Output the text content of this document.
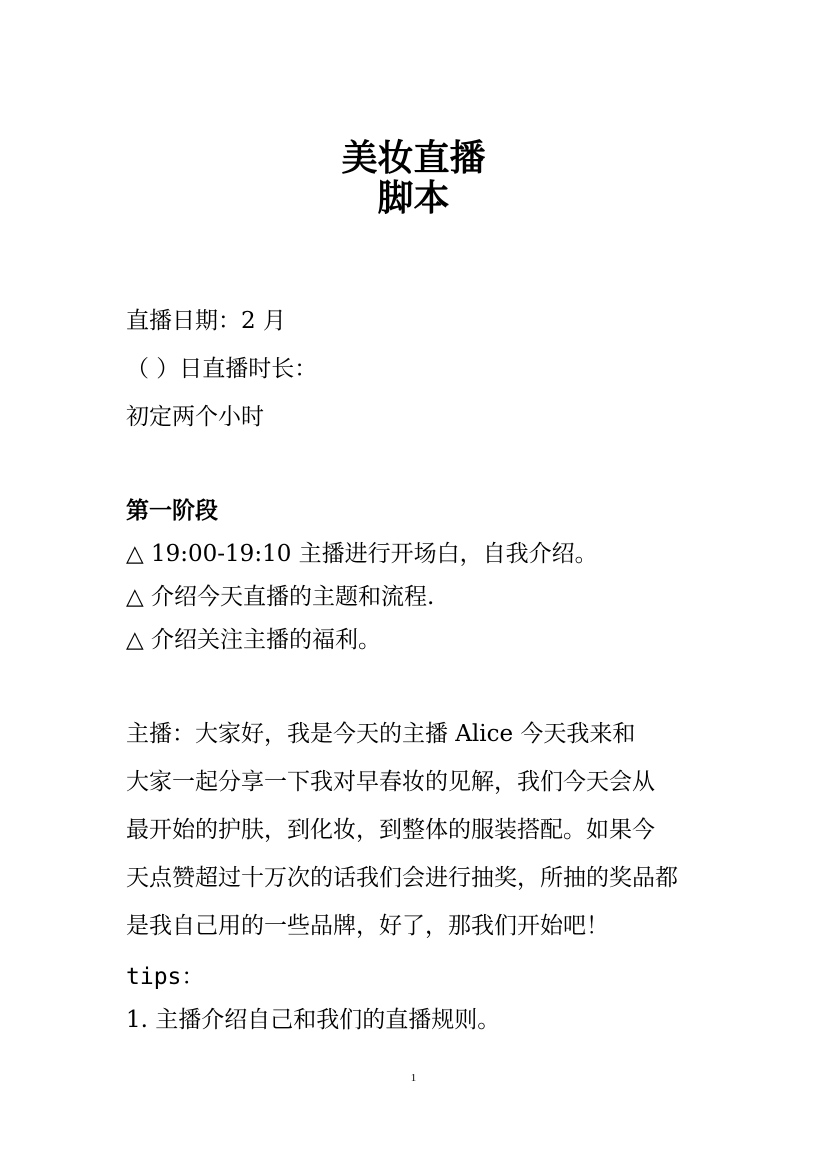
美妆直播
脚本
直播日期：2 月
（ ）日直播时长：
初定两个小时
第一阶段
△ 19:00-19:10 主播进行开场白，自我介绍。
△ 介绍今天直播的主题和流程.
△ 介绍关注主播的福利。
主播：大家好，我是今天的主播 Alice 今天我来和
大家一起分享一下我对早春妆的见解，我们今天会从
最开始的护肤，到化妆，到整体的服装搭配。如果今
天点赞超过十万次的话我们会进行抽奖，所抽的奖品都
是我自己用的一些品牌，好了，那我们开始吧！
tips：
1. 主播介绍自己和我们的直播规则。
1
